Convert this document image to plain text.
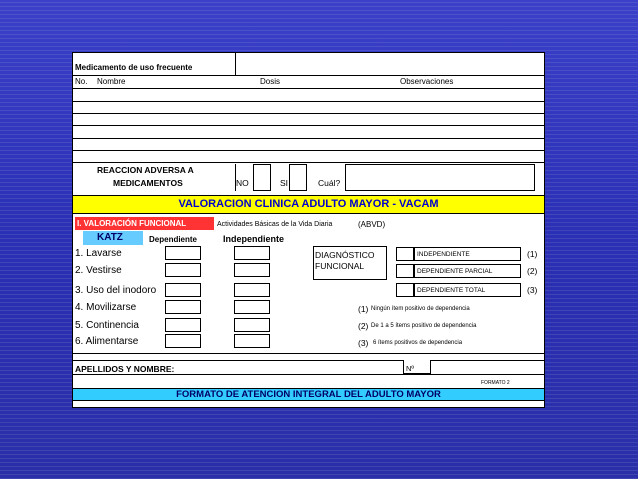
Medicamento de uso frecuente
No. Nombre	Dosis	Observaciones
REACCION ADVERSA A
MEDICAMENTOS	NO	SI	Cuál?
VALORACION CLINICA ADULTO MAYOR - VACAM
I. VALORACIÓN FUNCIONAL	Actividades Básicas de la Vida Diaria	(ABVD)
KATZ	Dependiente	Independiente
1. Lavarse
2. Vestirse
3. Uso del inodoro
4. Movilizarse
5. Continencia
6. Alimentarse
DIAGNÓSTICO
FUNCIONAL
INDEPENDIENTE	(1)
DEPENDIENTE PARCIAL	(2)
DEPENDIENTE TOTAL	(3)
(1) Ningún ítem positivo de dependencia
(2) De 1 a 5 ítems positivo de dependencia
(3) 6 ítems positivos de dependencia
APELLIDOS Y NOMBRE:	Nº
FORMATO 2
FORMATO DE ATENCION INTEGRAL DEL ADULTO MAYOR
